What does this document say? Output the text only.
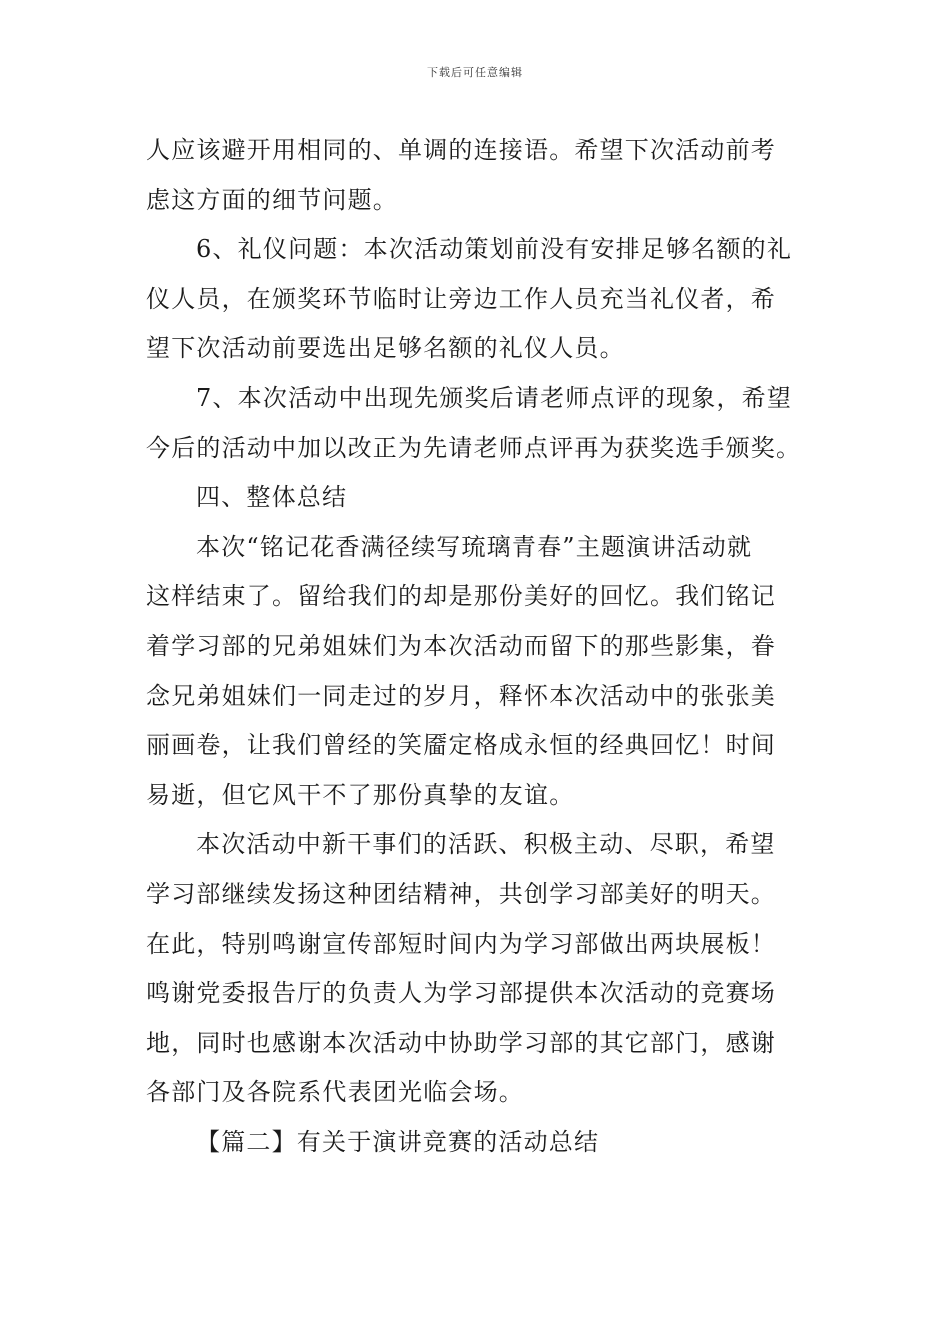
下载后可任意编辑
人应该避开用相同的、单调的连接语。希望下次活动前考
虑这方面的细节问题。
6、礼仪问题：本次活动策划前没有安排足够名额的礼
仪人员，在颁奖环节临时让旁边工作人员充当礼仪者，希
望下次活动前要选出足够名额的礼仪人员。
7、本次活动中出现先颁奖后请老师点评的现象，希望
今后的活动中加以改正为先请老师点评再为获奖选手颁奖。
四、整体总结
本次“铭记花香满径续写琉璃青春”主题演讲活动就
这样结束了。留给我们的却是那份美好的回忆。我们铭记
着学习部的兄弟姐妹们为本次活动而留下的那些影集，眷
念兄弟姐妹们一同走过的岁月，释怀本次活动中的张张美
丽画卷，让我们曾经的笑靥定格成永恒的经典回忆！时间
易逝，但它风干不了那份真挚的友谊。
本次活动中新干事们的活跃、积极主动、尽职，希望
学习部继续发扬这种团结精神，共创学习部美好的明天。
在此，特别鸣谢宣传部短时间内为学习部做出两块展板！
鸣谢党委报告厅的负责人为学习部提供本次活动的竞赛场
地，同时也感谢本次活动中协助学习部的其它部门，感谢
各部门及各院系代表团光临会场。
【篇二】有关于演讲竞赛的活动总结
